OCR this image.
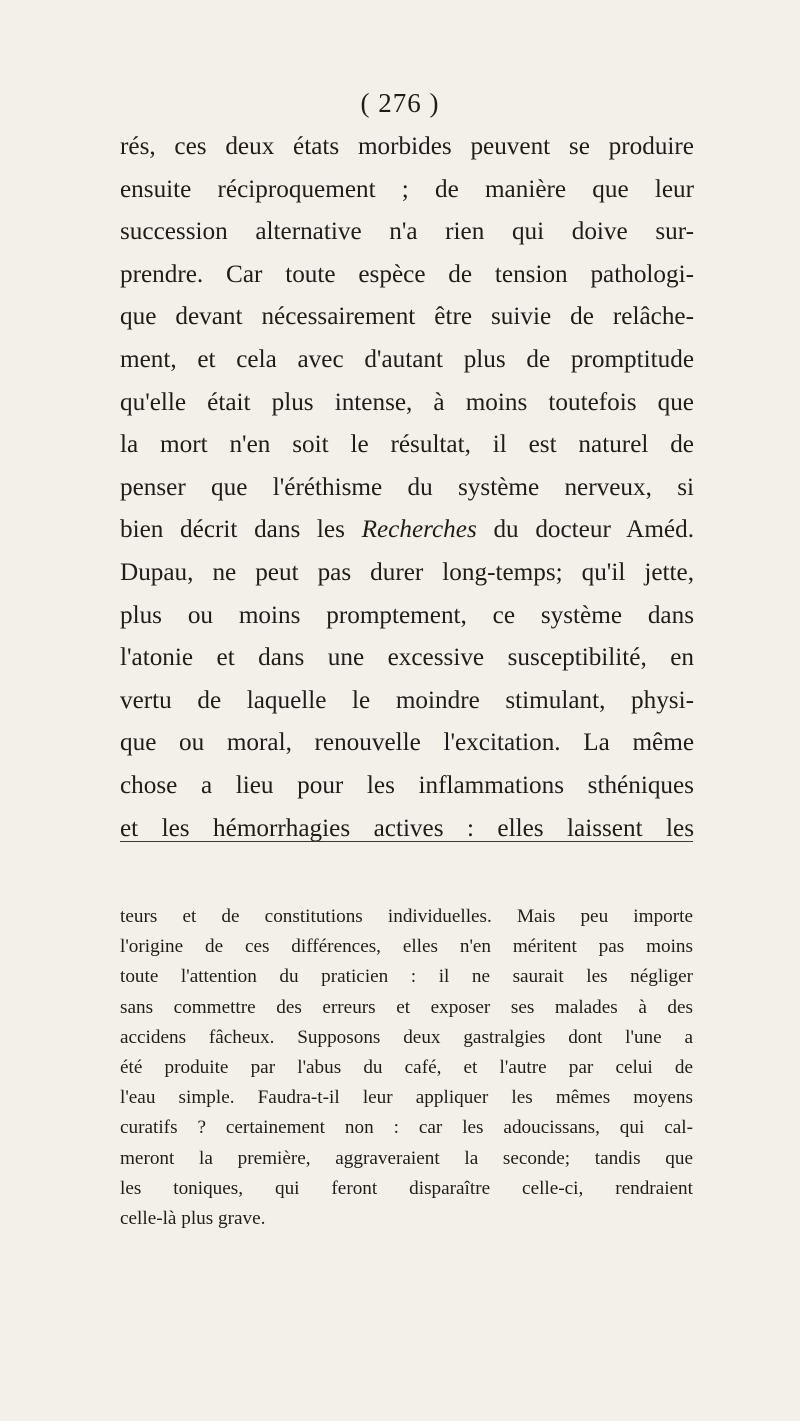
( 276 )
rés, ces deux états morbides peuvent se produire
ensuite réciproquement ; de manière que leur
succession alternative n'a rien qui doive sur-
prendre. Car toute espèce de tension pathologi-
que devant nécessairement être suivie de relâche-
ment, et cela avec d'autant plus de promptitude
qu'elle était plus intense, à moins toutefois que
la mort n'en soit le résultat, il est naturel de
penser que l'éréthisme du système nerveux, si
bien décrit dans les Recherches du docteur Améd.
Dupau, ne peut pas durer long-temps; qu'il jette,
plus ou moins promptement, ce système dans
l'atonie et dans une excessive susceptibilité, en
vertu de laquelle le moindre stimulant, physi-
que ou moral, renouvelle l'excitation. La même
chose a lieu pour les inflammations sthéniques
et les hémorrhagies actives : elles laissent les
teurs et de constitutions individuelles. Mais peu importe
l'origine de ces différences, elles n'en méritent pas moins
toute l'attention du praticien : il ne saurait les négliger
sans commettre des erreurs et exposer ses malades à des
accidens fâcheux. Supposons deux gastralgies dont l'une a
été produite par l'abus du café, et l'autre par celui de
l'eau simple. Faudra-t-il leur appliquer les mêmes moyens
curatifs ? certainement non : car les adoucissans, qui cal-
meront la première, aggraveraient la seconde; tandis que
les toniques, qui feront disparaître celle-ci, rendraient
celle-là plus grave.
